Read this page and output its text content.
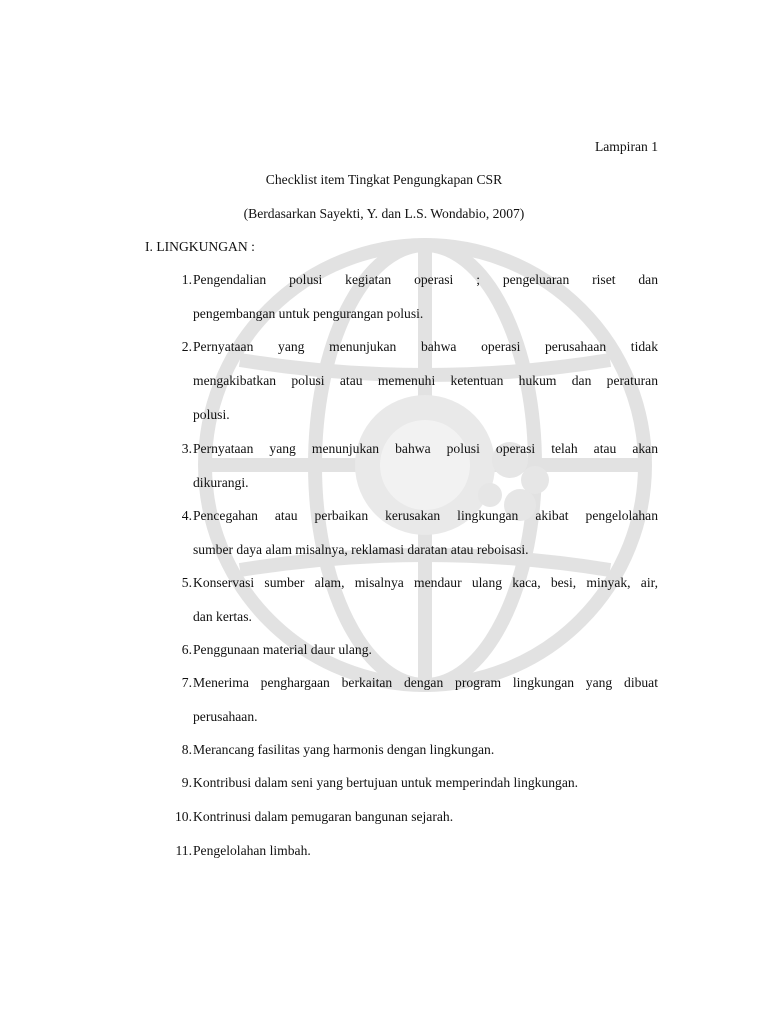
Lampiran 1
Checklist item Tingkat Pengungkapan CSR
(Berdasarkan Sayekti, Y. dan L.S. Wondabio, 2007)
I. LINGKUNGAN :
1. Pengendalian polusi kegiatan operasi ; pengeluaran riset dan
pengembangan untuk pengurangan polusi.
2. Pernyataan yang menunjukan bahwa operasi perusahaan tidak
mengakibatkan polusi atau memenuhi ketentuan hukum dan peraturan
polusi.
3. Pernyataan yang menunjukan bahwa polusi operasi telah atau akan
dikurangi.
4. Pencegahan atau perbaikan kerusakan lingkungan akibat pengelolahan
sumber daya alam misalnya, reklamasi daratan atau reboisasi.
5. Konservasi sumber alam, misalnya mendaur ulang kaca, besi, minyak, air,
dan kertas.
6. Penggunaan material daur ulang.
7. Menerima penghargaan berkaitan dengan program lingkungan yang dibuat
perusahaan.
8. Merancang fasilitas yang harmonis dengan lingkungan.
9. Kontribusi dalam seni yang bertujuan untuk memperindah lingkungan.
10. Kontrinusi dalam pemugaran bangunan sejarah.
11. Pengelolahan limbah.
